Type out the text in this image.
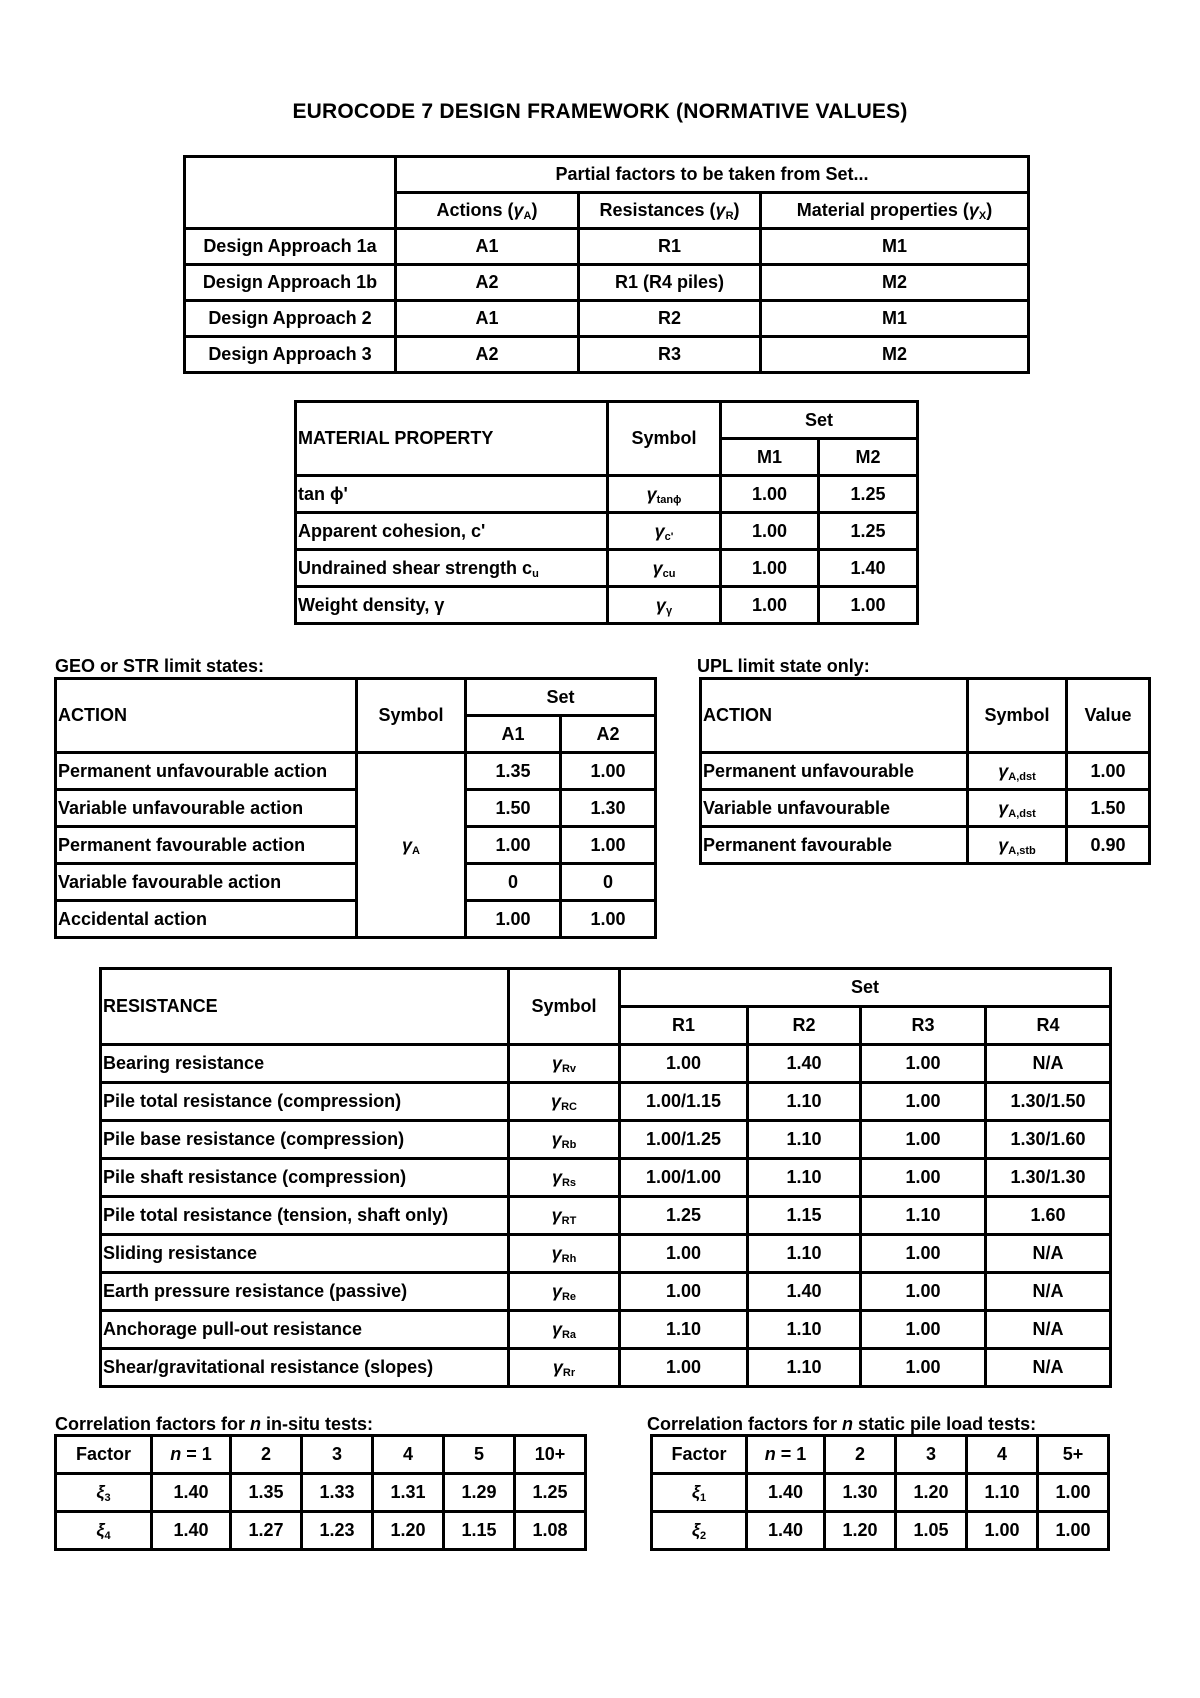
EUROCODE 7 DESIGN FRAMEWORK (NORMATIVE VALUES)
	Partial factors to be taken from Set...		
	Actions $(\gamma_A)$	Resistances $(\gamma_R)$	Material properties $(\gamma_X)$
Design Approach 1a	A1	R1	M1
Design Approach 1b	A2	R1 (R4 piles)	M2
Design Approach 2	A1	R2	M1
Design Approach 3	A2	R3	M2
MATERIAL PROPERTY	Symbol	Set	
		M1	M2
tan ϕ'	$\gamma_{tan\phi}$	1.00	1.25
Apparent cohesion, c'	$\gamma_{c'}$	1.00	1.25
Undrained shear strength $c_u$	$\gamma_{cu}$	1.00	1.40
Weight density, γ	$\gamma_\gamma$	1.00	1.00
GEO or STR limit states:
ACTION	Symbol	Set	
		A1	A2
Permanent unfavourable action	$\gamma_A$	1.35	1.00
Variable unfavourable action		1.50	1.30
Permanent favourable action		1.00	1.00
Variable favourable action		0	0
Accidental action		1.00	1.00
UPL limit state only:
ACTION	Symbol	Value
Permanent unfavourable	$\gamma_{A,dst}$	1.00
Variable unfavourable	$\gamma_{A,dst}$	1.50
Permanent favourable	$\gamma_{A,stb}$	0.90
RESISTANCE	Symbol	Set			
		R1	R2	R3	R4
Bearing resistance	$\gamma_{Rv}$	1.00	1.40	1.00	N/A
Pile total resistance (compression)	$\gamma_{RC}$	1.00/1.15	1.10	1.00	1.30/1.50
Pile base resistance (compression)	$\gamma_{Rb}$	1.00/1.25	1.10	1.00	1.30/1.60
Pile shaft resistance (compression)	$\gamma_{Rs}$	1.00/1.00	1.10	1.00	1.30/1.30
Pile total resistance (tension, shaft only)	$\gamma_{RT}$	1.25	1.15	1.10	1.60
Sliding resistance	$\gamma_{Rh}$	1.00	1.10	1.00	N/A
Earth pressure resistance (passive)	$\gamma_{Re}$	1.00	1.40	1.00	N/A
Anchorage pull-out resistance	$\gamma_{Ra}$	1.10	1.10	1.00	N/A
Shear/gravitational resistance (slopes)	$\gamma_{Rr}$	1.00	1.10	1.00	N/A
Correlation factors for n in-situ tests:
Factor	n = 1	2	3	4	5	10+
$\xi_3$	1.40	1.35	1.33	1.31	1.29	1.25
$\xi_4$	1.40	1.27	1.23	1.20	1.15	1.08
Correlation factors for n static pile load tests:
Factor	n = 1	2	3	4	5+
$\xi_1$	1.40	1.30	1.20	1.10	1.00
$\xi_2$	1.40	1.20	1.05	1.00	1.00
